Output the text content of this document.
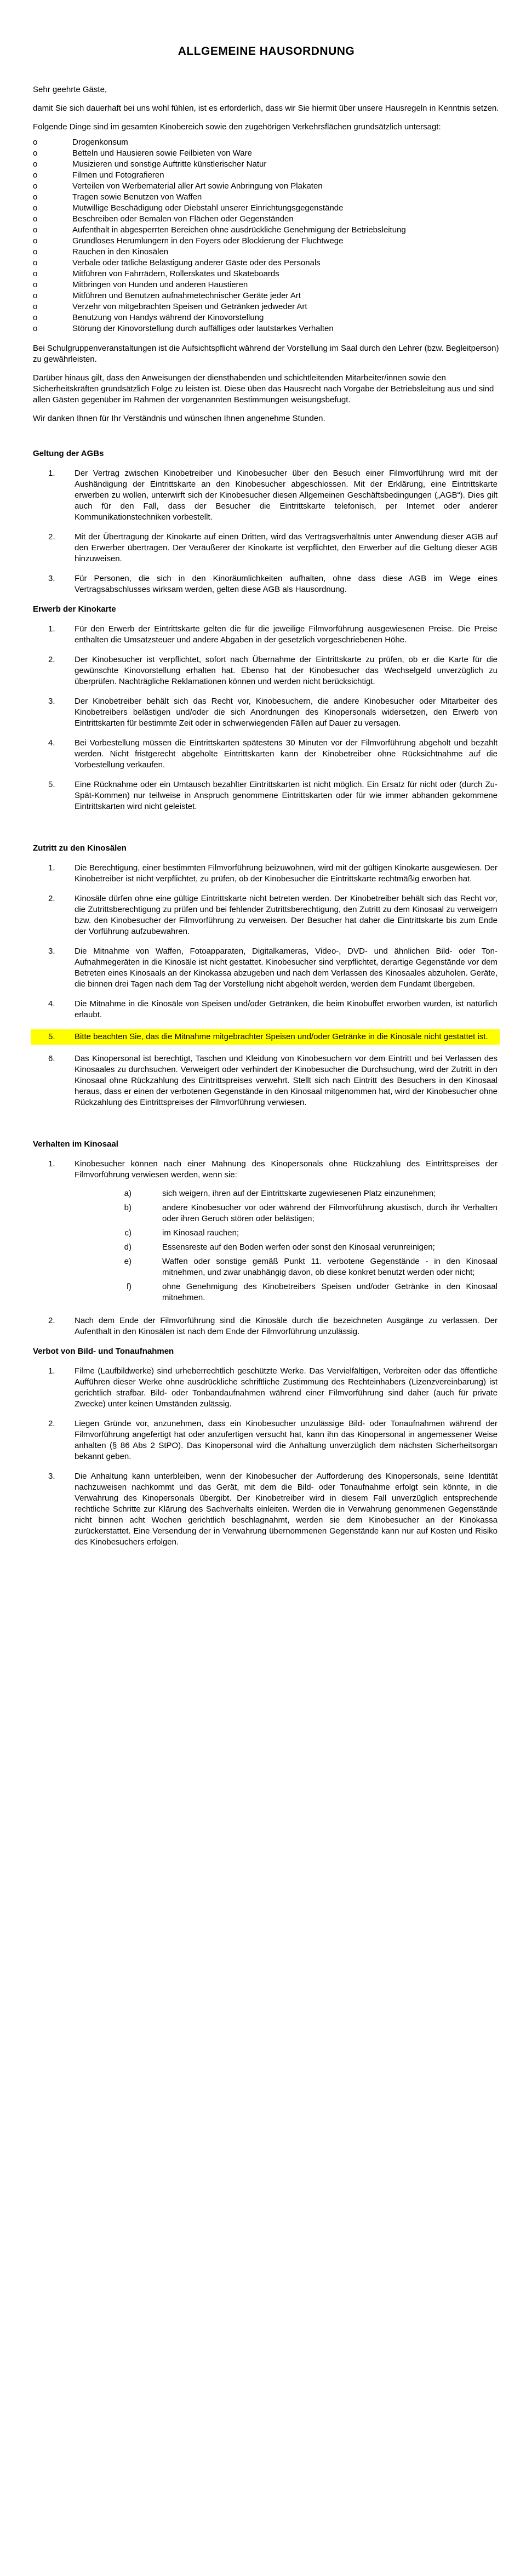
ALLGEMEINE HAUSORDNUNG

Sehr geehrte Gäste,

damit Sie sich dauerhaft bei uns wohl fühlen, ist es erforderlich, dass wir Sie hiermit über unsere Hausregeln in Kenntnis setzen.

Folgende Dinge sind im gesamten Kinobereich sowie den zugehörigen Verkehrsflächen grundsätzlich untersagt:

o	Drogenkonsum
o	Betteln und Hausieren sowie Feilbieten von Ware
o	Musizieren und sonstige Auftritte künstlerischer Natur
o	Filmen und Fotografieren
o	Verteilen von Werbematerial aller Art sowie Anbringung von Plakaten
o	Tragen sowie Benutzen von Waffen
o	Mutwillige Beschädigung oder Diebstahl unserer Einrichtungsgegenstände
o	Beschreiben oder Bemalen von Flächen oder Gegenständen
o	Aufenthalt in abgesperrten Bereichen ohne ausdrückliche Genehmigung der Betriebsleitung
o	Grundloses Herumlungern in den Foyers oder Blockierung der Fluchtwege
o	Rauchen in den Kinosälen
o	Verbale oder tätliche Belästigung anderer Gäste oder des Personals
o	Mitführen von Fahrrädern, Rollerskates und Skateboards
o	Mitbringen von Hunden und anderen Haustieren
o	Mitführen und Benutzen aufnahmetechnischer Geräte jeder Art
o	Verzehr von mitgebrachten Speisen und Getränken jedweder Art
o	Benutzung von Handys während der Kinovorstellung
o	Störung der Kinovorstellung durch auffälliges oder lautstarkes Verhalten

Bei Schulgruppenveranstaltungen ist die Aufsichtspflicht während der Vorstellung im Saal durch den Lehrer (bzw. Begleitperson) zu gewährleisten.

Darüber hinaus gilt, dass den Anweisungen der diensthabenden und schichtleitenden Mitarbeiter/innen sowie den Sicherheitskräften grundsätzlich Folge zu leisten ist. Diese üben das Hausrecht nach Vorgabe der Betriebsleitung aus und sind allen Gästen gegenüber im Rahmen der vorgenannten Bestimmungen weisungsbefugt.

Wir danken Ihnen für Ihr Verständnis und wünschen Ihnen angenehme Stunden.

Geltung der AGBs
1.	Der Vertrag zwischen Kinobetreiber und Kinobesucher über den Besuch einer Filmvorführung wird mit der Aushändigung der Eintrittskarte an den Kinobesucher abgeschlossen. Mit der Erklärung, eine Eintrittskarte erwerben zu wollen, unterwirft sich der Kinobesucher diesen Allgemeinen Geschäftsbedingungen („AGB“). Dies gilt auch für den Fall, dass der Besucher die Eintrittskarte telefonisch, per Internet oder anderer Kommunikationstechniken vorbestellt.
2.	Mit der Übertragung der Kinokarte auf einen Dritten, wird das Vertragsverhältnis unter Anwendung dieser AGB auf den Erwerber übertragen. Der Veräußerer der Kinokarte ist verpflichtet, den Erwerber auf die Geltung dieser AGB hinzuweisen.
3.	Für Personen, die sich in den Kinoräumlichkeiten aufhalten, ohne dass diese AGB im Wege eines Vertragsabschlusses wirksam werden, gelten diese AGB als Hausordnung.
Erwerb der Kinokarte
1.	Für den Erwerb der Eintrittskarte gelten die für die jeweilige Filmvorführung ausgewiesenen Preise. Die Preise enthalten die Umsatzsteuer und andere Abgaben in der gesetzlich vorgeschriebenen Höhe.
2.	Der Kinobesucher ist verpflichtet, sofort nach Übernahme der Eintrittskarte zu prüfen, ob er die Karte für die gewünschte Kinovorstellung erhalten hat. Ebenso hat der Kinobesucher das Wechselgeld unverzüglich zu überprüfen. Nachträgliche Reklamationen können und werden nicht berücksichtigt.
3.	Der Kinobetreiber behält sich das Recht vor, Kinobesuchern, die andere Kinobesucher oder Mitarbeiter des Kinobetreibers belästigen und/oder die sich Anordnungen des Kinopersonals widersetzen, den Erwerb von Eintrittskarten für bestimmte Zeit oder in schwerwiegenden Fällen auf Dauer zu versagen.
4.	Bei Vorbestellung müssen die Eintrittskarten spätestens 30 Minuten vor der Filmvorführung abgeholt und bezahlt werden. Nicht fristgerecht abgeholte Eintrittskarten kann der Kinobetreiber ohne Rücksichtnahme auf die Vorbestellung verkaufen.
5.	Eine Rücknahme oder ein Umtausch bezahlter Eintrittskarten ist nicht möglich. Ein Ersatz für nicht oder (durch Zu-Spät-Kommen) nur teilweise in Anspruch genommene Eintrittskarten oder für wie immer abhanden gekommene Eintrittskarten wird nicht geleistet.
Zutritt zu den Kinosälen
1.	Die Berechtigung, einer bestimmten Filmvorführung beizuwohnen, wird mit der gültigen Kinokarte ausgewiesen. Der Kinobetreiber ist nicht verpflichtet, zu prüfen, ob der Kinobesucher die Eintrittskarte rechtmäßig erworben hat.
2.	Kinosäle dürfen ohne eine gültige Eintrittskarte nicht betreten werden. Der Kinobetreiber behält sich das Recht vor, die Zutrittsberechtigung zu prüfen und bei fehlender Zutrittsberechtigung, den Zutritt zu dem Kinosaal zu verweigern bzw. den Kinobesucher der Filmvorführung zu verweisen. Der Besucher hat daher die Eintrittskarte bis zum Ende der Vorführung aufzubewahren.
3.	Die Mitnahme von Waffen, Fotoapparaten, Digitalkameras, Video-, DVD- und ähnlichen Bild- oder Ton-Aufnahmegeräten in die Kinosäle ist nicht gestattet. Kinobesucher sind verpflichtet, derartige Gegenstände vor dem Betreten eines Kinosaals an der Kinokassa abzugeben und nach dem Verlassen des Kinosaales abzuholen. Geräte, die binnen drei Tagen nach dem Tag der Vorstellung nicht abgeholt werden, werden dem Fundamt übergeben.
4.	Die Mitnahme in die Kinosäle von Speisen und/oder Getränken, die beim Kinobuffet erworben wurden, ist natürlich erlaubt.
5.	Bitte beachten Sie, das die Mitnahme mitgebrachter Speisen und/oder Getränke in die Kinosäle nicht gestattet ist.
6.	Das Kinopersonal ist berechtigt, Taschen und Kleidung von Kinobesuchern vor dem Eintritt und bei Verlassen des Kinosaales zu durchsuchen. Verweigert oder verhindert der Kinobesucher die Durchsuchung, wird der Zutritt in den Kinosaal ohne Rückzahlung des Eintrittspreises verwehrt. Stellt sich nach Eintritt des Besuchers in den Kinosaal heraus, dass er einen der verbotenen Gegenstände in den Kinosaal mitgenommen hat, wird der Kinobesucher ohne Rückzahlung des Eintrittspreises der Filmvorführung verwiesen.
Verhalten im Kinosaal
1.	Kinobesucher können nach einer Mahnung des Kinopersonals ohne Rückzahlung des Eintrittspreises der Filmvorführung verwiesen werden, wenn sie:
a)	sich weigern, ihren auf der Eintrittskarte zugewiesenen Platz einzunehmen;
b)	andere Kinobesucher vor oder während der Filmvorführung akustisch, durch ihr Verhalten oder ihren Geruch stören oder belästigen;
c)	im Kinosaal rauchen;
d)	Essensreste auf den Boden werfen oder sonst den Kinosaal verunreinigen;
e)	Waffen oder sonstige gemäß Punkt 11. verbotene Gegenstände - in den Kinosaal mitnehmen, und zwar unabhängig davon, ob diese konkret benutzt werden oder nicht;
f)	ohne Genehmigung des Kinobetreibers Speisen und/oder Getränke in den Kinosaal mitnehmen.
2.	Nach dem Ende der Filmvorführung sind die Kinosäle durch die bezeichneten Ausgänge zu verlassen. Der Aufenthalt in den Kinosälen ist nach dem Ende der Filmvorführung unzulässig.
Verbot von Bild- und Tonaufnahmen
1.	Filme (Laufbildwerke) sind urheberrechtlich geschützte Werke. Das Vervielfältigen, Verbreiten oder das öffentliche Aufführen dieser Werke ohne ausdrückliche schriftliche Zustimmung des Rechteinhabers (Lizenzvereinbarung) ist gerichtlich strafbar. Bild- oder Tonbandaufnahmen während einer Filmvorführung sind daher (auch für private Zwecke) unter keinen Umständen zulässig.
2.	Liegen Gründe vor, anzunehmen, dass ein Kinobesucher unzulässige Bild- oder Tonaufnahmen während der Filmvorführung angefertigt hat oder anzufertigen versucht hat, kann ihn das Kinopersonal in angemessener Weise anhalten (§ 86 Abs 2 StPO). Das Kinopersonal wird die Anhaltung unverzüglich dem nächsten Sicherheitsorgan bekannt geben.
3.	Die Anhaltung kann unterbleiben, wenn der Kinobesucher der Aufforderung des Kinopersonals, seine Identität nachzuweisen nachkommt und das Gerät, mit dem die Bild- oder Tonaufnahme erfolgt sein könnte, in die Verwahrung des Kinopersonals übergibt. Der Kinobetreiber wird in diesem Fall unverzüglich entsprechende rechtliche Schritte zur Klärung des Sachverhalts einleiten. Werden die in Verwahrung genommenen Gegenstände nicht binnen acht Wochen gerichtlich beschlagnahmt, werden sie dem Kinobesucher an der Kinokassa zurückerstattet. Eine Versendung der in Verwahrung übernommenen Gegenstände kann nur auf Kosten und Risiko des Kinobesuchers erfolgen.
